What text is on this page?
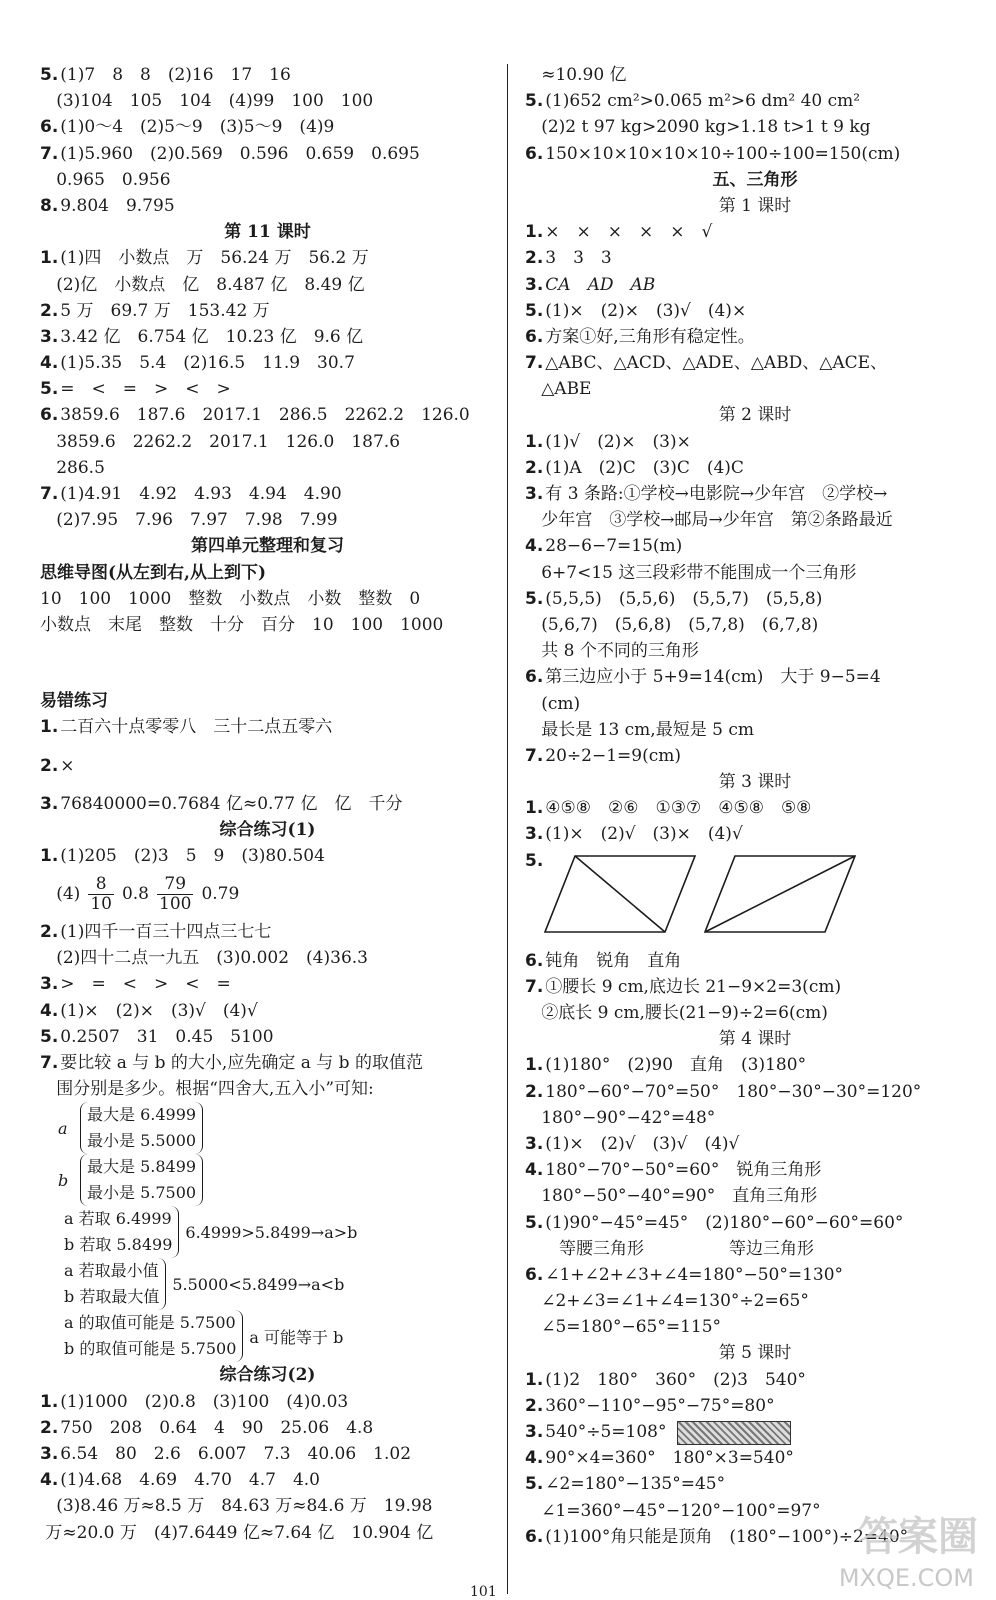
5. (1)7　8　8　(2)16　17　16
(3)104　105　104　(4)99　100　100
6. (1)0～4　(2)5～9　(3)5～9　(4)9
7. (1)5.960　(2)0.569　0.596　0.659　0.695
0.965　0.956
8. 9.804　9.795
第 11 课时
1. (1)四　小数点　万　56.24 万　56.2 万
(2)亿　小数点　亿　8.487 亿　8.49 亿
2. 5 万　69.7 万　153.42 万
3. 3.42 亿　6.754 亿　10.23 亿　9.6 亿
4. (1)5.35　5.4　(2)16.5　11.9　30.7
5. =　<　=　>　<　>
6. 3859.6　187.6　2017.1　286.5　2262.2　126.0
3859.6　2262.2　2017.1　126.0　187.6
286.5
7. (1)4.91　4.92　4.93　4.94　4.90
(2)7.95　7.96　7.97　7.98　7.99
第四单元整理和复习
思维导图(从左到右,从上到下)
10　100　1000　整数　小数点　小数　整数　0
小数点　末尾　整数　十分　百分　10　100　1000

易错练习
1. 二百六十点零零八　三十二点五零六
2. ×

3. 76840000=0.7684 亿≈0.77 亿　亿　千分
综合练习(1)
1. (1)205　(2)3　5　9　(3)80.504
$(4) \frac{8}{10} 0.8 \frac{79}{100} 0.79$
2. (1)四千一百三十四点三七七
(2)四十二点一九五　(3)0.002　(4)36.3
3. >　=　<　>　<　=
4. (1)×　(2)×　(3)√　(4)√
5. 0.2507　31　0.45　5100
7. 要比较 a 与 b 的大小,应先确定 a 与 b 的取值范
围分别是多少。根据“四舍大,五入小”可知:
a
最大是 6.4999
最小是 5.5000
b
最大是 5.8499
最小是 5.7500
a 若取 6.4999
b 若取 5.8499
6.4999>5.8499→a>b
a 若取最小值
b 若取最大值
5.5000<5.8499→a<b
a 的取值可能是 5.7500
b 的取值可能是 5.7500
a 可能等于 b
综合练习(2)
1. (1)1000　(2)0.8　(3)100　(4)0.03
2. 750　208　0.64　4　90　25.06　4.8
3. 6.54　80　2.6　6.007　7.3　40.06　1.02
4. (1)4.68　4.69　4.70　4.7　4.0
(3)8.46 万≈8.5 万　84.63 万≈84.6 万　19.98
万≈20.0 万　(4)7.6449 亿≈7.64 亿　10.904 亿
≈10.90 亿
5. (1)652 cm²>0.065 m²>6 dm² 40 cm²
(2)2 t 97 kg>2090 kg>1.18 t>1 t 9 kg
6. 150×10×10×10×10÷100÷100=150(cm)
五、三角形
第 1 课时
1. ×　×　×　×　×　√
2. 3　3　3
3. CA　AD　AB
5. (1)×　(2)×　(3)√　(4)×
6. 方案①好,三角形有稳定性。
7. △ABC、△ACD、△ADE、△ABD、△ACE、
△ABE
第 2 课时
1. (1)√　(2)×　(3)×
2. (1)A　(2)C　(3)C　(4)C
3. 有 3 条路:①学校→电影院→少年宫　②学校→
少年宫　③学校→邮局→少年宫　第②条路最近
4. 28−6−7=15(m)
6+7<15 这三段彩带不能围成一个三角形
5. (5,5,5)　(5,5,6)　(5,5,7)　(5,5,8)
(5,6,7)　(5,6,8)　(5,7,8)　(6,7,8)
共 8 个不同的三角形
6. 第三边应小于 5+9=14(cm)　大于 9−5=4
(cm)
最长是 13 cm,最短是 5 cm
7. 20÷2−1=9(cm)
第 3 课时
1. ④⑤⑧　②⑥　①③⑦　④⑤⑧　⑤⑧
3. (1)×　(2)√　(3)×　(4)√
5.
6. 钝角　锐角　直角
7. ①腰长 9 cm,底边长 21−9×2=3(cm)
②底长 9 cm,腰长(21−9)÷2=6(cm)
第 4 课时
1. (1)180°　(2)90　直角　(3)180°
2. 180°−60°−70°=50°　180°−30°−30°=120°
180°−90°−42°=48°
3. (1)×　(2)√　(3)√　(4)√
4. 180°−70°−50°=60°　锐角三角形
180°−50°−40°=90°　直角三角形
5. (1)90°−45°=45°　(2)180°−60°−60°=60°
　　等腰三角形　　　　　等边三角形
6. ∠1+∠2+∠3+∠4=180°−50°=130°
∠2+∠3=∠1+∠4=130°÷2=65°
∠5=180°−65°=115°
第 5 课时
1. (1)2　180°　360°　(2)3　540°
2. 360°−110°−95°−75°=80°
3. 540°÷5=108°
4. 90°×4=360°　180°×3=540°
5. ∠2=180°−135°=45°
∠1=360°−45°−120°−100°=97°
6. (1)100°角只能是顶角　(180°−100°)÷2=40°
答案圈
MXQE.COM
101
